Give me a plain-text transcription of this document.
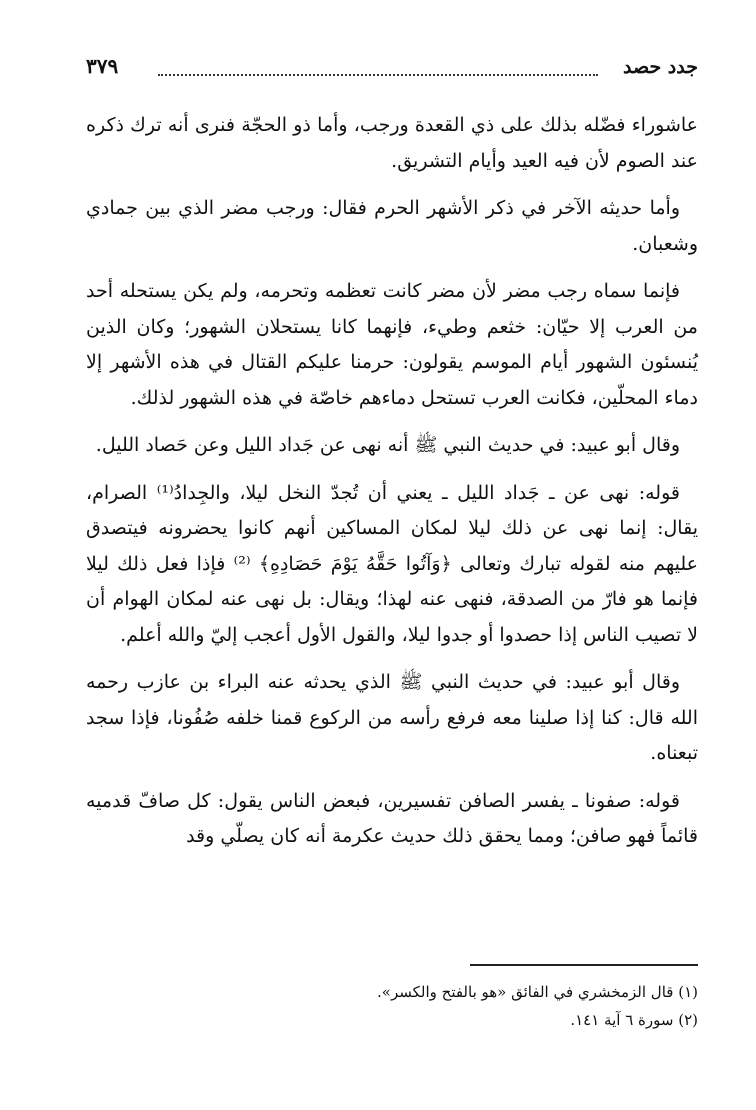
جدد حصد
٣٧٩

عاشوراء فضّله بذلك على ذي القعدة ورجب، وأما ذو الحجّة فنرى أنه ترك ذكره عند الصوم لأن فيه العيد وأيام التشريق.

وأما حديثه الآخر في ذكر الأشهر الحرم فقال: ورجب مضر الذي بين جمادي وشعبان.

فإنما سماه رجب مضر لأن مضر كانت تعظمه وتحرمه، ولم يكن يستحله أحد من العرب إلا حيّان: خثعم وطيء، فإنهما كانا يستحلان الشهور؛ وكان الذين يُنسئون الشهور أيام الموسم يقولون: حرمنا عليكم القتال في هذه الأشهر إلا دماء المحلّين، فكانت العرب تستحل دماءهم خاصّة في هذه الشهور لذلك.

وقال أبو عبيد: في حديث النبي ﷺ أنه نهى عن جَداد الليل وعن حَصاد الليل.

قوله: نهى عن ـ جَداد الليل ـ يعني أن تُجدّ النخل ليلا، والجِدادُ⁽¹⁾ الصرام، يقال: إنما نهى عن ذلك ليلا لمكان المساكين أنهم كانوا يحضرونه فيتصدق عليهم منه لقوله تبارك وتعالى ﴿وَآتُوا حَقَّهُ يَوْمَ حَصَادِهِ﴾ ⁽²⁾ فإذا فعل ذلك ليلا فإنما هو فارّ من الصدقة، فنهى عنه لهذا؛ ويقال: بل نهى عنه لمكان الهوام أن لا تصيب الناس إذا حصدوا أو جدوا ليلا، والقول الأول أعجب إليّ والله أعلم.

وقال أبو عبيد: في حديث النبي ﷺ الذي يحدثه عنه البراء بن عازب رحمه الله قال: كنا إذا صلينا معه فرفع رأسه من الركوع قمنا خلفه صُفُونا، فإذا سجد تبعناه.

قوله: صفونا ـ يفسر الصافن تفسيرين، فبعض الناس يقول: كل صافّ قدميه قائماً فهو صافن؛ ومما يحقق ذلك حديث عكرمة أنه كان يصلّي وقد

(١) قال الزمخشري في الفائق «هو بالفتح والكسر».

(٢) سورة ٦ آية ١٤١.
